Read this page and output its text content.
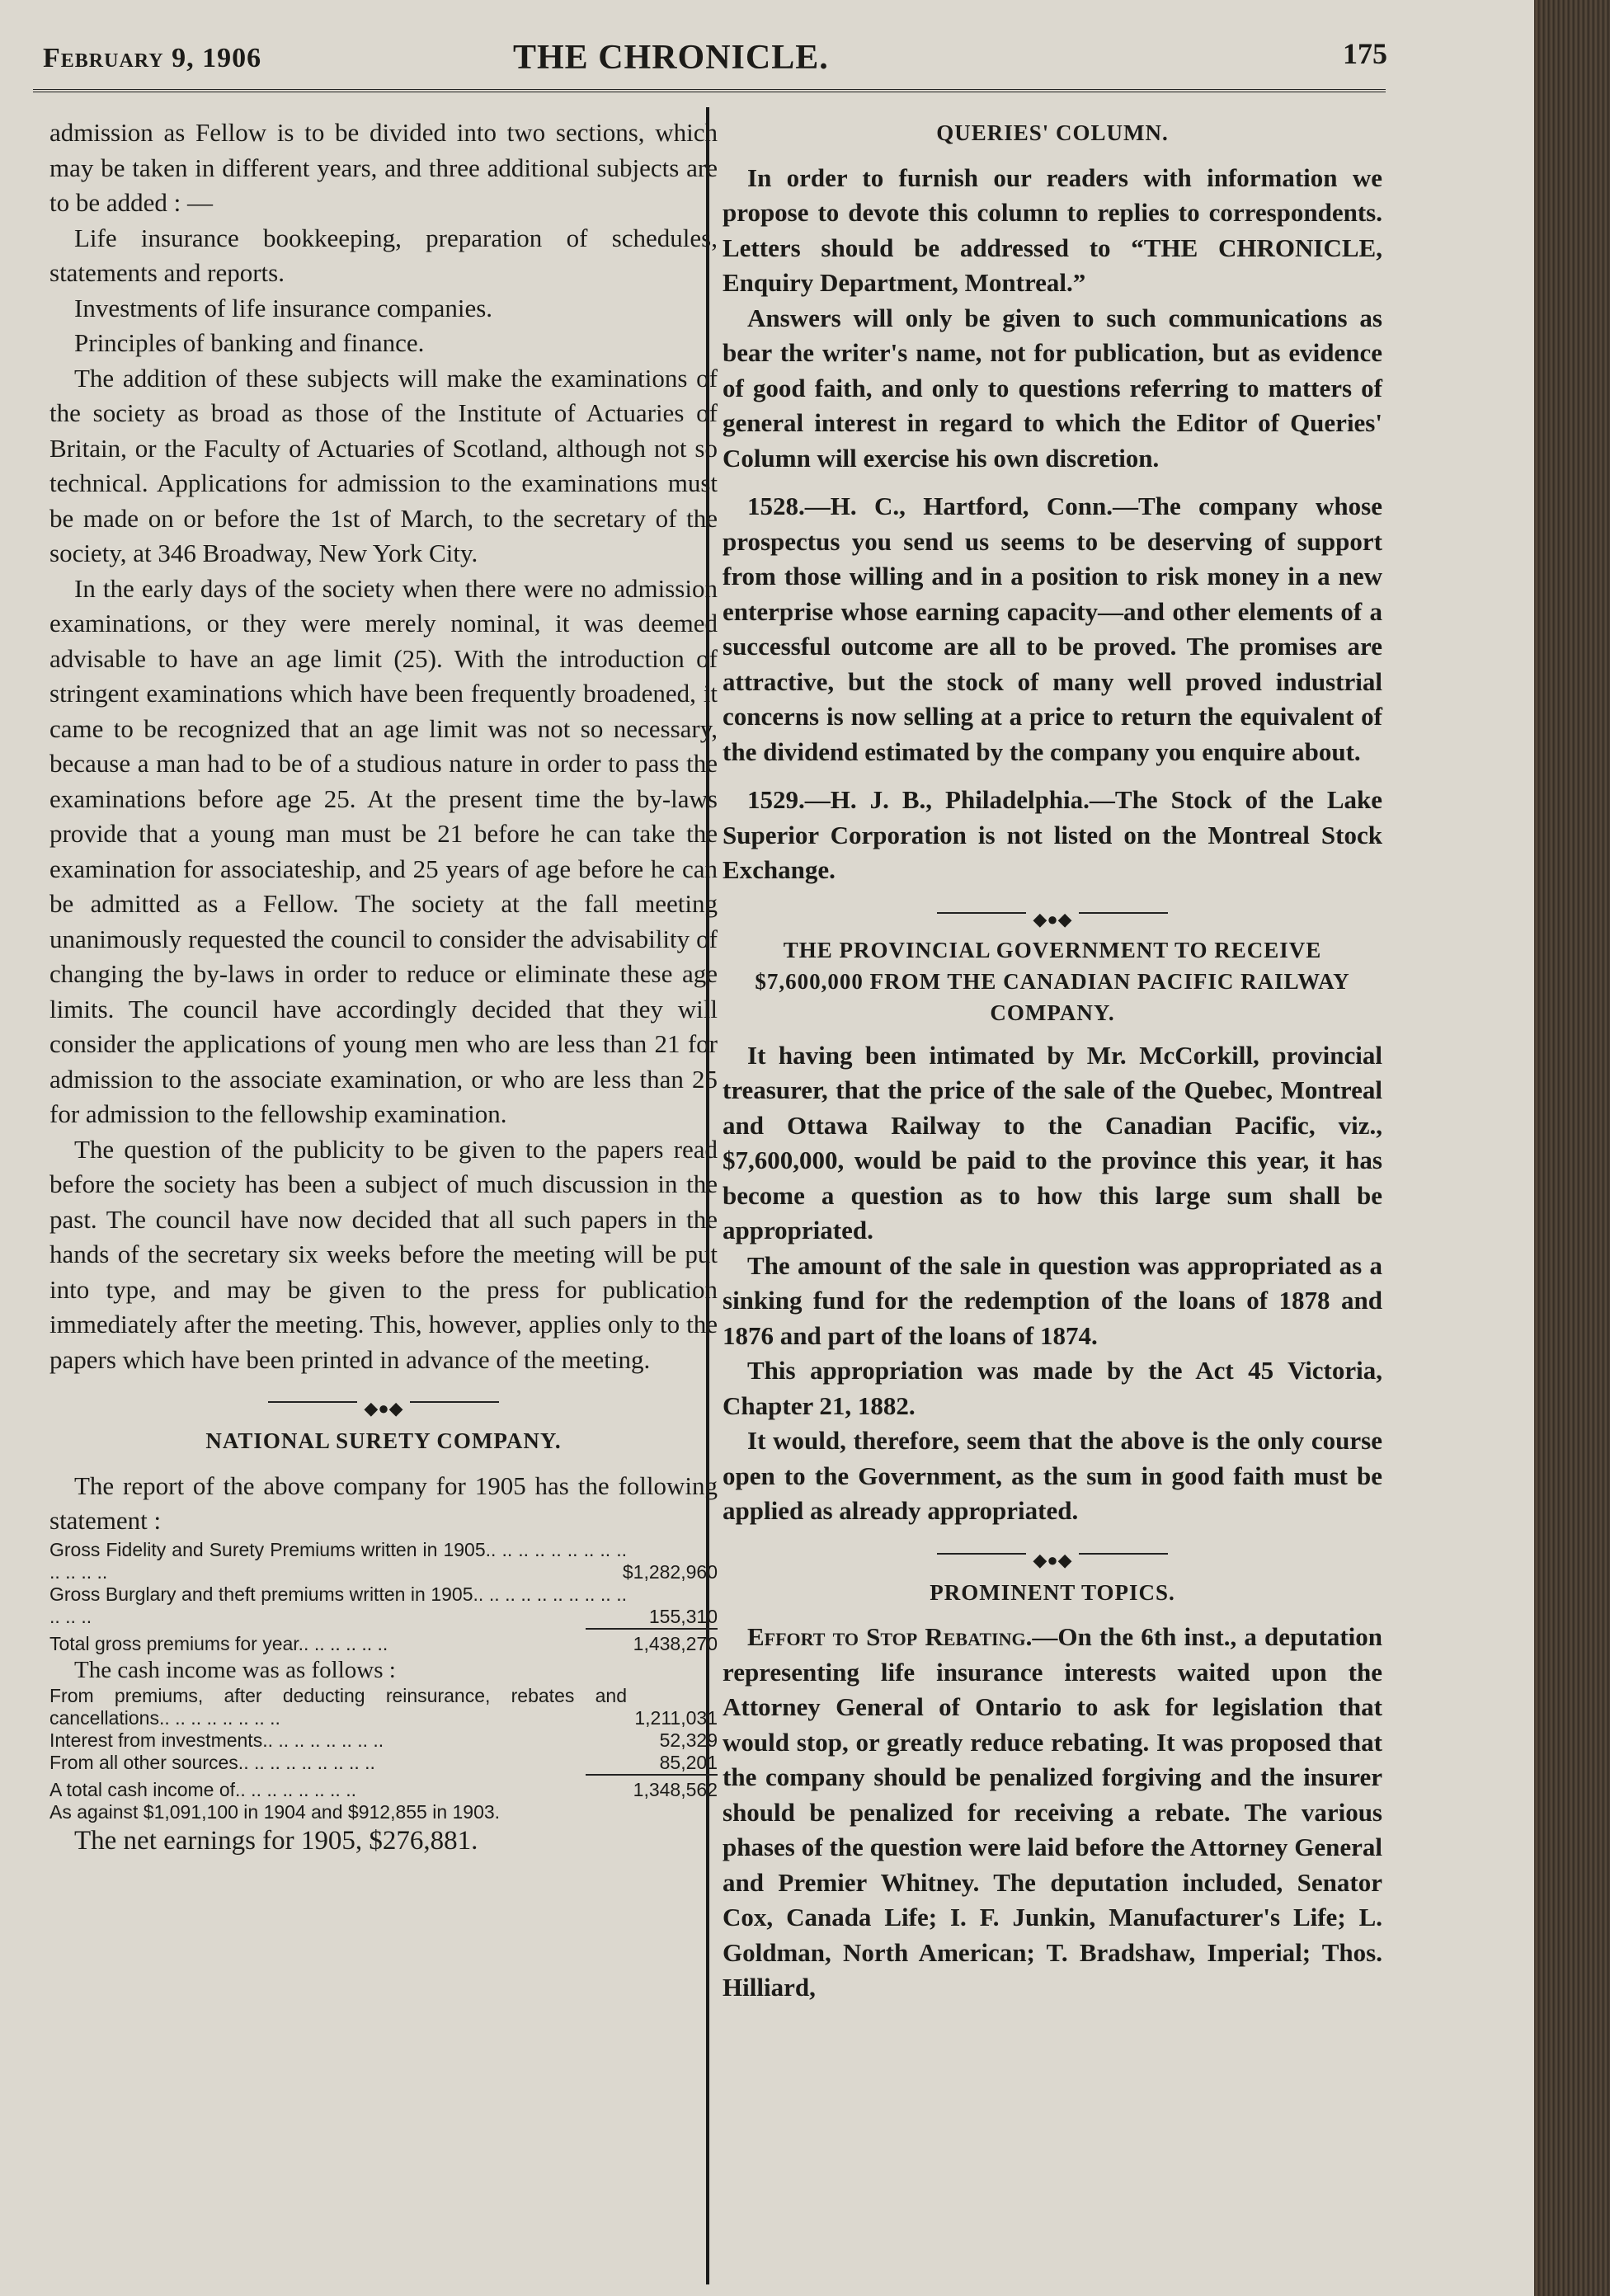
February 9, 1906	THE CHRONICLE.	175

admission as Fellow is to be divided into two sections, which may be taken in different years, and three additional subjects are to be added : —

Life insurance bookkeeping, preparation of schedules, statements and reports.

Investments of life insurance companies.

Principles of banking and finance.

The addition of these subjects will make the examinations of the society as broad as those of the Institute of Actuaries of Britain, or the Faculty of Actuaries of Scotland, although not so technical. Applications for admission to the examinations must be made on or before the 1st of March, to the secretary of the society, at 346 Broadway, New York City.

In the early days of the society when there were no admission examinations, or they were merely nominal, it was deemed advisable to have an age limit (25). With the introduction of stringent examinations which have been frequently broadened, it came to be recognized that an age limit was not so necessary, because a man had to be of a studious nature in order to pass the examinations before age 25. At the present time the by-laws provide that a young man must be 21 before he can take the examination for associateship, and 25 years of age before he can be admitted as a Fellow. The society at the fall meeting unanimously requested the council to consider the advisability of changing the by-laws in order to reduce or eliminate these age limits. The council have accordingly decided that they will consider the applications of young men who are less than 21 for admission to the associate examination, or who are less than 25 for admission to the fellowship examination.

The question of the publicity to be given to the papers read before the society has been a subject of much discussion in the past. The council have now decided that all such papers in the hands of the secretary six weeks before the meeting will be put into type, and may be given to the press for publication immediately after the meeting. This, however, applies only to the papers which have been printed in advance of the meeting.

◆●◆
NATIONAL SURETY COMPANY.

The report of the above company for 1905 has the following statement :

Gross Fidelity and Surety Premiums written in 1905.. .. .. .. .. .. .. .. .. .. .. .. ..	$1,282,960
Gross Burglary and theft premiums written in 1905.. .. .. .. .. .. .. .. .. .. .. .. ..	155,310
Total gross premiums for year.. .. .. .. .. ..	1,438,270

The cash income was as follows :

From premiums, after deducting reinsurance, rebates and cancellations.. .. .. .. .. .. .. ..	1,211,031
Interest from investments.. .. .. .. .. .. .. ..	52,329
From all other sources.. .. .. .. .. .. .. .. ..	85,201
A total cash income of.. .. .. .. .. .. .. ..	1,348,562
As against $1,091,100 in 1904 and $912,855 in 1903.

The net earnings for 1905, $276,881.

QUERIES' COLUMN.

In order to furnish our readers with information we propose to devote this column to replies to correspondents. Letters should be addressed to “THE CHRONICLE, Enquiry Department, Montreal.”

Answers will only be given to such communications as bear the writer's name, not for publication, but as evidence of good faith, and only to questions referring to matters of general interest in regard to which the Editor of Queries' Column will exercise his own discretion.

1528.—H. C., Hartford, Conn.—The company whose prospectus you send us seems to be deserving of support from those willing and in a position to risk money in a new enterprise whose earning capacity—and other elements of a successful outcome are all to be proved. The promises are attractive, but the stock of many well proved industrial concerns is now selling at a price to return the equivalent of the dividend estimated by the company you enquire about.

1529.—H. J. B., Philadelphia.—The Stock of the Lake Superior Corporation is not listed on the Montreal Stock Exchange.

◆●◆
THE PROVINCIAL GOVERNMENT TO RECEIVE $7,600,000 FROM THE CANADIAN PACIFIC RAILWAY COMPANY.

It having been intimated by Mr. McCorkill, provincial treasurer, that the price of the sale of the Quebec, Montreal and Ottawa Railway to the Canadian Pacific, viz., $7,600,000, would be paid to the province this year, it has become a question as to how this large sum shall be appropriated.

The amount of the sale in question was appropriated as a sinking fund for the redemption of the loans of 1878 and 1876 and part of the loans of 1874.

This appropriation was made by the Act 45 Victoria, Chapter 21, 1882.

It would, therefore, seem that the above is the only course open to the Government, as the sum in good faith must be applied as already appropriated.

◆●◆
PROMINENT TOPICS.

Effort to Stop Rebating.—On the 6th inst., a deputation representing life insurance interests waited upon the Attorney General of Ontario to ask for legislation that would stop, or greatly reduce rebating. It was proposed that the company should be penalized forgiving and the insurer should be penalized for receiving a rebate. The various phases of the question were laid before the Attorney General and Premier Whitney. The deputation included, Senator Cox, Canada Life; I. F. Junkin, Manufacturer's Life; L. Goldman, North American; T. Bradshaw, Imperial; Thos. Hilliard,
